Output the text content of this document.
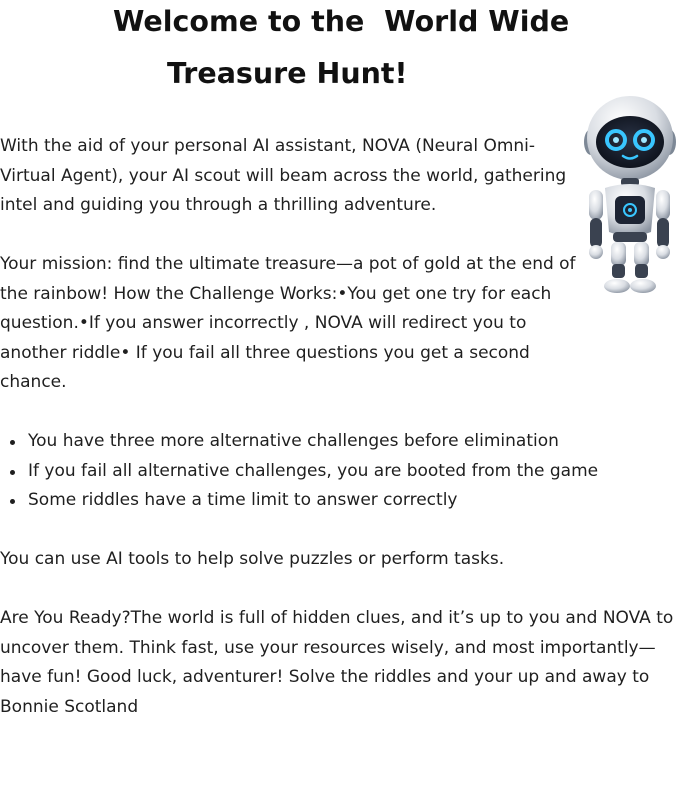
Welcome to the  World Wide
Treasure Hunt!

With the aid of your personal AI assistant, NOVA (Neural Omni-Virtual Agent), your AI scout will beam across the world, gathering intel and guiding you through a thrilling adventure.

Your mission: find the ultimate treasure—a pot of gold at the end of the rainbow! How the Challenge Works:•You get one try for each question.•If you answer incorrectly , NOVA will redirect you to another riddle• If you fail all three questions you get a second chance.

You have three more alternative challenges before elimination
If you fail all alternative challenges, you are booted from the game
Some riddles have a time limit to answer correctly

You can use AI tools to help solve puzzles or perform tasks.

Are You Ready?The world is full of hidden clues, and it’s up to you and NOVA to uncover them. Think fast, use your resources wisely, and most importantly—have fun! Good luck, adventurer! Solve the riddles and your up and away to Bonnie Scotland
